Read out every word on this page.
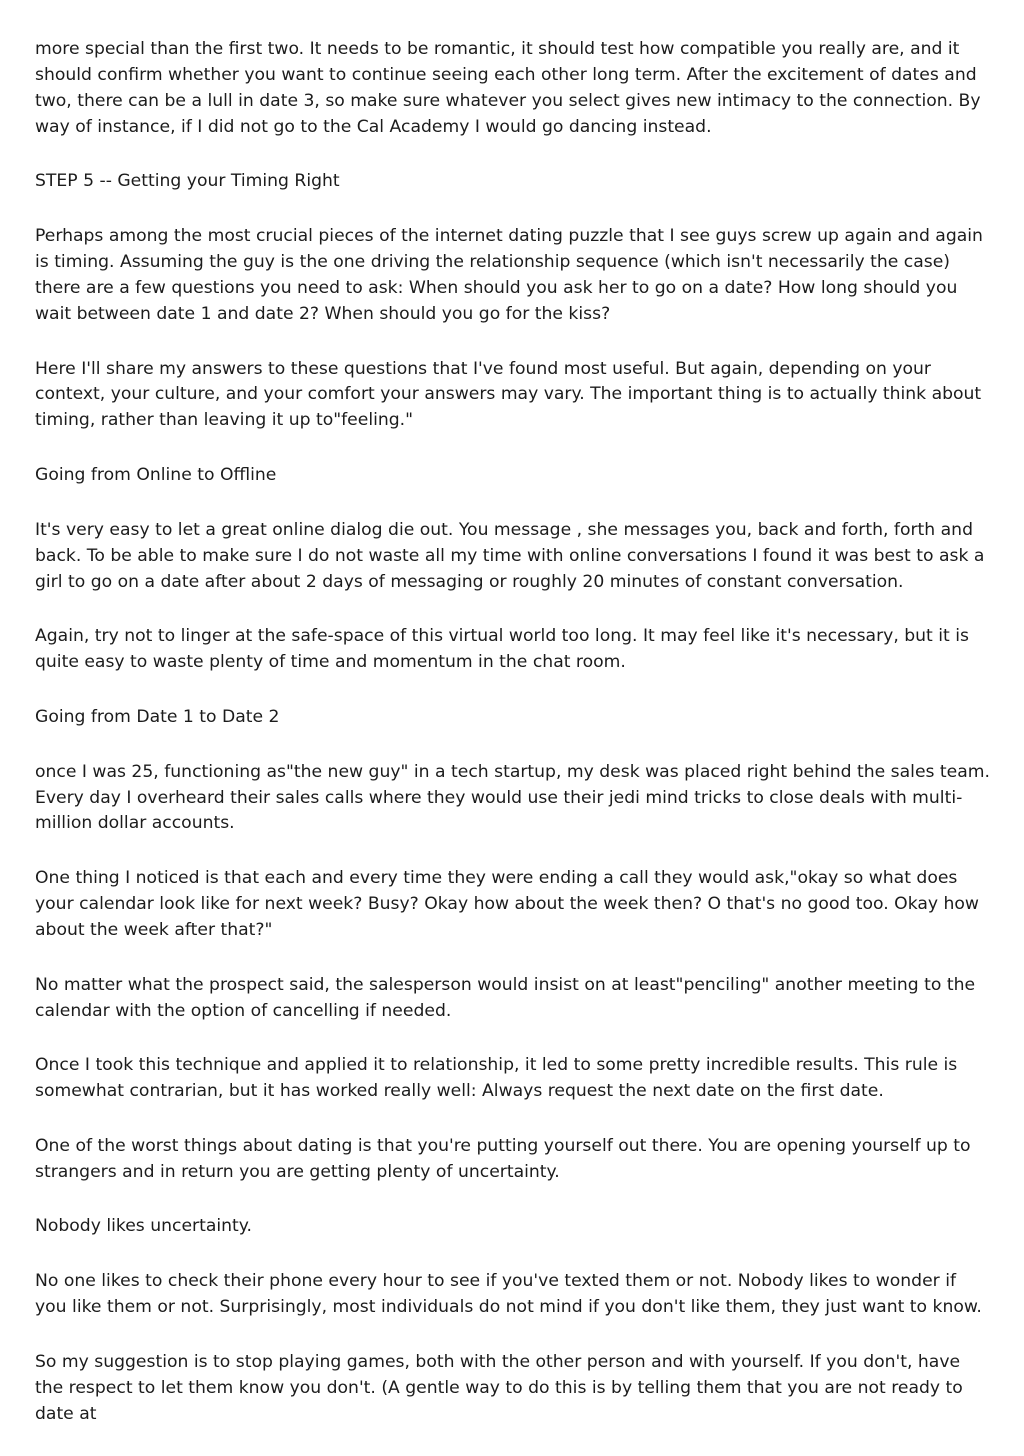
more special than the first two. It needs to be romantic, it should test how compatible you really are, and it should confirm whether you want to continue seeing each other long term. After the excitement of dates and two, there can be a lull in date 3, so make sure whatever you select gives new intimacy to the connection. By way of instance, if I did not go to the Cal Academy I would go dancing instead.

STEP 5 -- Getting your Timing Right

Perhaps among the most crucial pieces of the internet dating puzzle that I see guys screw up again and again is timing. Assuming the guy is the one driving the relationship sequence (which isn't necessarily the case) there are a few questions you need to ask: When should you ask her to go on a date? How long should you wait between date 1 and date 2? When should you go for the kiss?

Here I'll share my answers to these questions that I've found most useful. But again, depending on your context, your culture, and your comfort your answers may vary. The important thing is to actually think about timing, rather than leaving it up to"feeling."

Going from Online to Offline

It's very easy to let a great online dialog die out. You message , she messages you, back and forth, forth and back. To be able to make sure I do not waste all my time with online conversations I found it was best to ask a girl to go on a date after about 2 days of messaging or roughly 20 minutes of constant conversation.

Again, try not to linger at the safe-space of this virtual world too long. It may feel like it's necessary, but it is quite easy to waste plenty of time and momentum in the chat room.

Going from Date 1 to Date 2

once I was 25, functioning as"the new guy" in a tech startup, my desk was placed right behind the sales team. Every day I overheard their sales calls where they would use their jedi mind tricks to close deals with multi-million dollar accounts.

One thing I noticed is that each and every time they were ending a call they would ask,"okay so what does your calendar look like for next week? Busy? Okay how about the week then? O that's no good too. Okay how about the week after that?"

No matter what the prospect said, the salesperson would insist on at least"penciling" another meeting to the calendar with the option of cancelling if needed.

Once I took this technique and applied it to relationship, it led to some pretty incredible results. This rule is somewhat contrarian, but it has worked really well: Always request the next date on the first date.

One of the worst things about dating is that you're putting yourself out there. You are opening yourself up to strangers and in return you are getting plenty of uncertainty.

Nobody likes uncertainty.

No one likes to check their phone every hour to see if you've texted them or not. Nobody likes to wonder if you like them or not. Surprisingly, most individuals do not mind if you don't like them, they just want to know.

So my suggestion is to stop playing games, both with the other person and with yourself. If you don't, have the respect to let them know you don't. (A gentle way to do this is by telling them that you are not ready to date at
